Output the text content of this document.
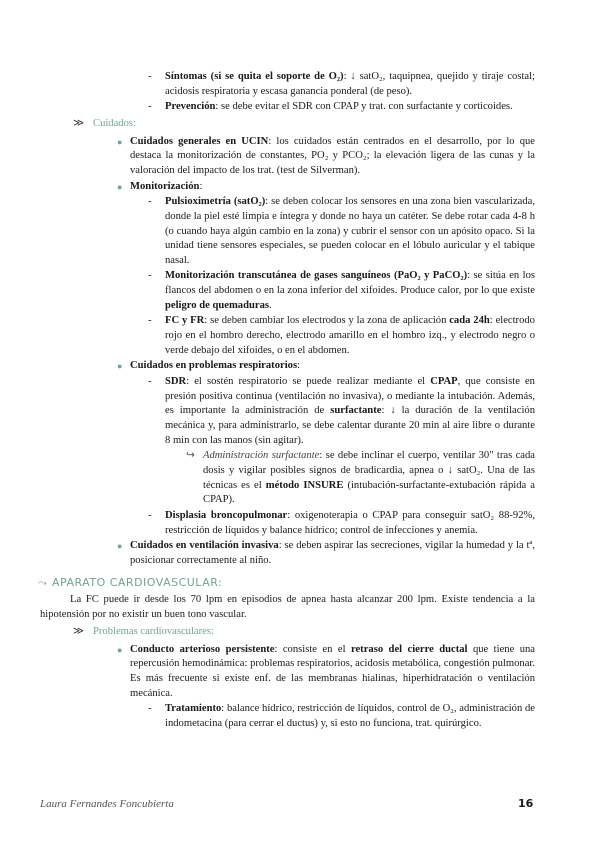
- Síntomas (si se quita el soporte de O₂): ↓ satO₂, taquipnea, quejido y tiraje costal; acidosis respiratoria y escasa ganancia ponderal (de peso).
- Prevención: se debe evitar el SDR con CPAP y trat. con surfactante y corticoides.
≫ Cuidados:
● Cuidados generales en UCIN: los cuidados están centrados en el desarrollo, por lo que destaca la monitorización de constantes, PO₂ y PCO₂; la elevación ligera de las cunas y la valoración del impacto de los trat. (test de Silverman).
● Monitorización:
- Pulsioximetría (satO₂): se deben colocar los sensores en una zona bien vascularizada, donde la piel esté limpia e íntegra y donde no haya un catéter. Se debe rotar cada 4-8 h (o cuando haya algún cambio en la zona) y cubrir el sensor con un apósito opaco. Si la unidad tiene sensores especiales, se pueden colocar en el lóbulo auricular y el tabique nasal.
- Monitorización transcutánea de gases sanguíneos (PaO₂ y PaCO₂): se sitúa en los flancos del abdomen o en la zona inferior del xifoides. Produce calor, por lo que existe peligro de quemaduras.
- FC y FR: se deben cambiar los electrodos y la zona de aplicación cada 24h: electrodo rojo en el hombro derecho, electrodo amarillo en el hombro izq., y electrodo negro o verde debajo del xifoides, o en el abdomen.
● Cuidados en problemas respiratorios:
- SDR: el sostén respiratorio se puede realizar mediante el CPAP, que consiste en presión positiva continua (ventilación no invasiva), o mediante la intubación. Además, es importante la administración de surfactante: ↓ la duración de la ventilación mecánica y, para administrarlo, se debe calentar durante 20 min al aire libre o durante 8 min con las manos (sin agitar).
↪ Administración surfactante: se debe inclinar el cuerpo, ventilar 30" tras cada dosis y vigilar posibles signos de bradicardia, apnea o ↓ satO₂. Una de las técnicas es el método INSURE (intubación-surfactante-extubación rápida a CPAP).
- Displasia broncopulmonar: oxigenoterapia o CPAP para conseguir satO₂ 88-92%, restricción de líquidos y balance hídrico; control de infecciones y anemia.
● Cuidados en ventilación invasiva: se deben aspirar las secreciones, vigilar la humedad y la tª, posicionar correctamente al niño.
⤳ APARATO CARDIOVASCULAR:
La FC puede ir desde los 70 lpm en episodios de apnea hasta alcanzar 200 lpm. Existe tendencia a la hipotensión por no existir un buen tono vascular.
≫ Problemas cardiovasculares:
● Conducto arterioso persistente: consiste en el retraso del cierre ductal que tiene una repercusión hemodinámica: problemas respiratorios, acidosis metabólica, congestión pulmonar. Es más frecuente si existe enf. de las membranas hialinas, hiperhidratación o ventilación mecánica.
- Tratamiento: balance hídrico, restricción de líquidos, control de O₂, administración de indometacina (para cerrar el ductus) y, si esto no funciona, trat. quirúrgico.
Laura Fernandes Foncubierta	16
